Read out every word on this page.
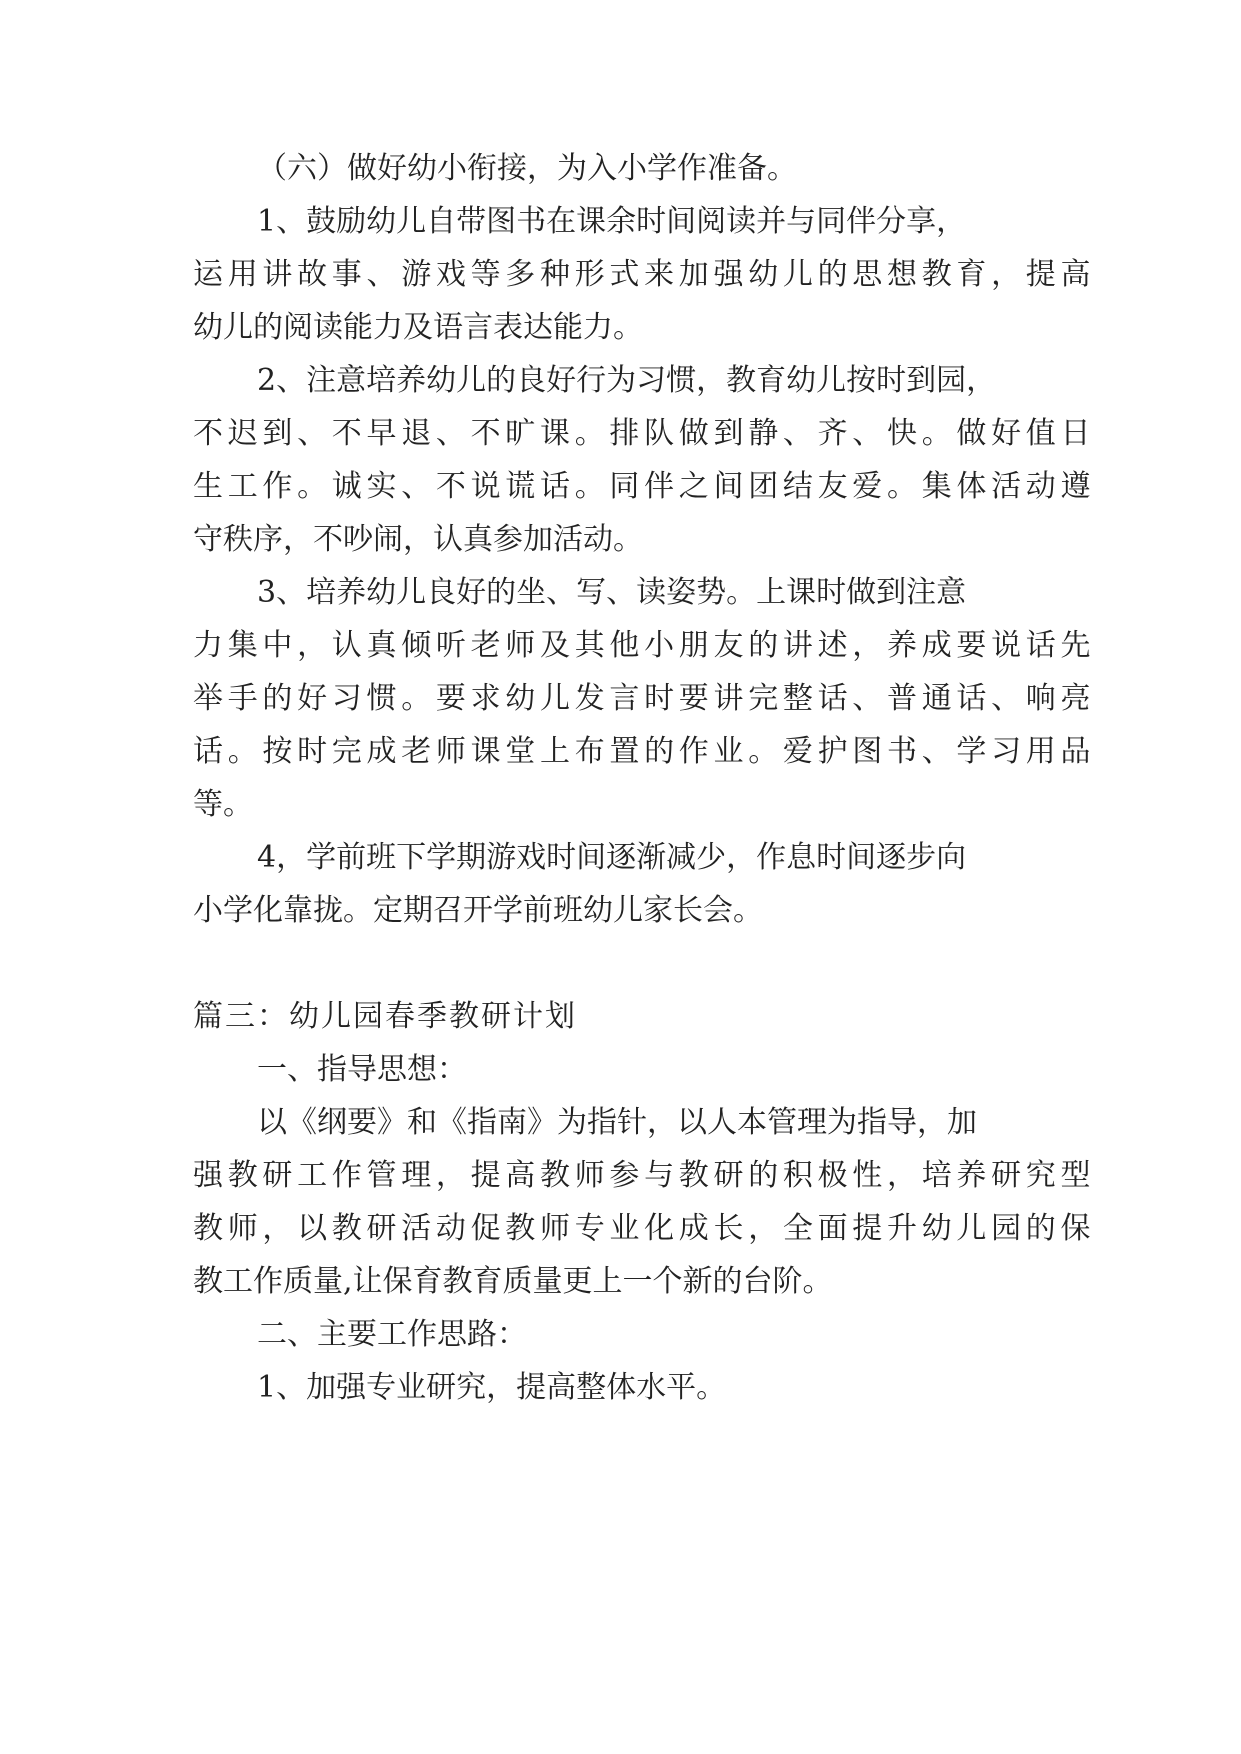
（六）做好幼小衔接，为入小学作准备。

1、鼓励幼儿自带图书在课余时间阅读并与同伴分享，

运用讲故事、游戏等多种形式来加强幼儿的思想教育，提高

幼儿的阅读能力及语言表达能力。

2、注意培养幼儿的良好行为习惯，教育幼儿按时到园，

不迟到、不早退、不旷课。排队做到静、齐、快。做好值日

生工作。诚实、不说谎话。同伴之间团结友爱。集体活动遵

守秩序，不吵闹，认真参加活动。

3、培养幼儿良好的坐、写、读姿势。上课时做到注意

力集中，认真倾听老师及其他小朋友的讲述，养成要说话先

举手的好习惯。要求幼儿发言时要讲完整话、普通话、响亮

话。按时完成老师课堂上布置的作业。爱护图书、学习用品

等。

4，学前班下学期游戏时间逐渐减少，作息时间逐步向

小学化靠拢。定期召开学前班幼儿家长会。

篇三：幼儿园春季教研计划

一、指导思想：

以《纲要》和《指南》为指针，以人本管理为指导，加

强教研工作管理，提高教师参与教研的积极性，培养研究型

教师，以教研活动促教师专业化成长，全面提升幼儿园的保

教工作质量,让保育教育质量更上一个新的台阶。

二、主要工作思路：

1、加强专业研究，提高整体水平。
